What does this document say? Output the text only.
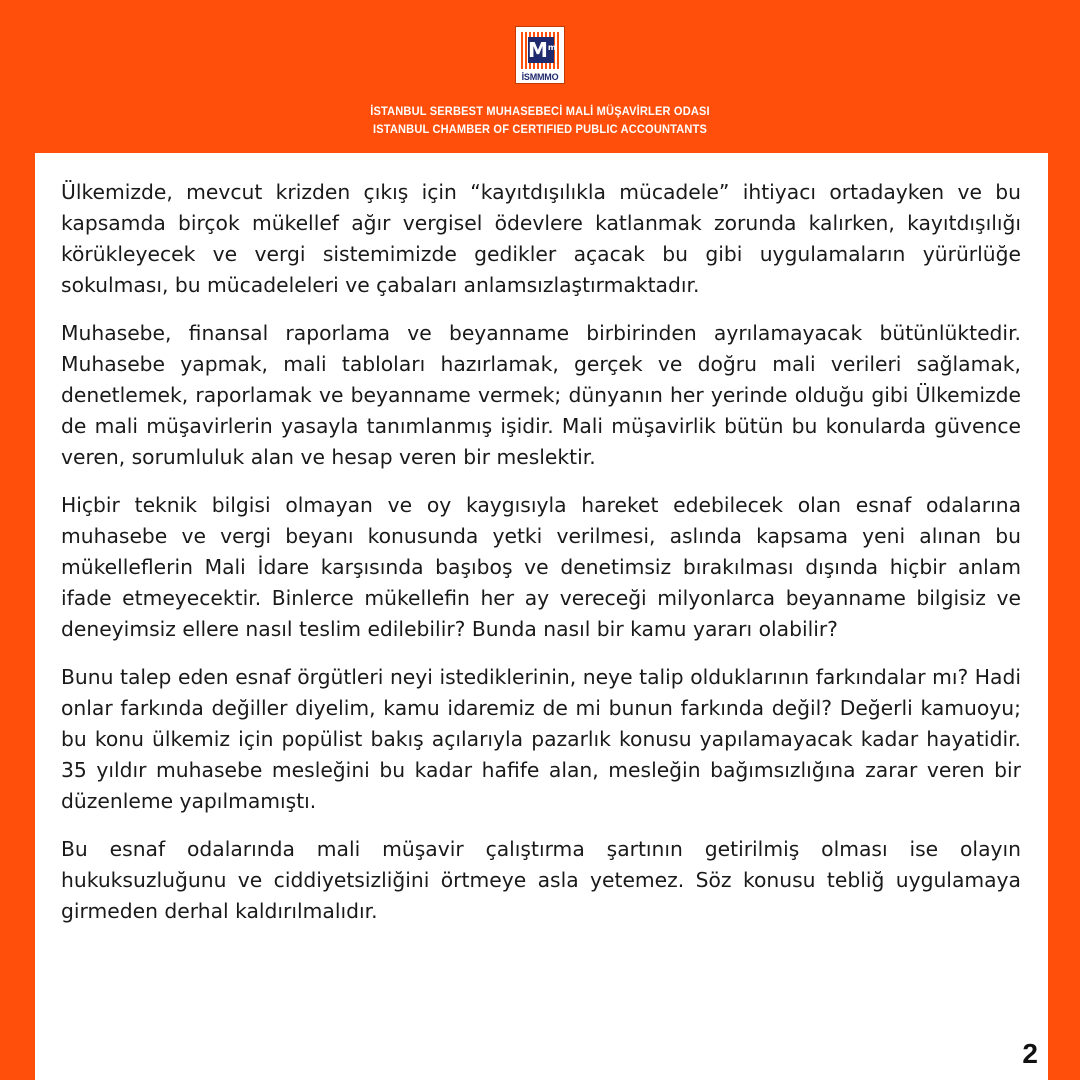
$M^m$
İSMMMO
İSTANBUL SERBEST MUHASEBECİ MALİ MÜŞAVİRLER ODASI
ISTANBUL CHAMBER OF CERTIFIED PUBLIC ACCOUNTANTS

Ülkemizde, mevcut krizden çıkış için “kayıtdışılıkla mücadele” ihtiyacı ortadayken ve bu kapsamda birçok mükellef ağır vergisel ödevlere katlanmak zorunda kalırken, kayıtdışılığı körükleyecek ve vergi sistemimizde gedikler açacak bu gibi uygulamaların yürürlüğe sokulması, bu mücadeleleri ve çabaları anlamsızlaştırmaktadır.

Muhasebe, finansal raporlama ve beyanname birbirinden ayrılamayacak bütünlüktedir. Muhasebe yapmak, mali tabloları hazırlamak, gerçek ve doğru mali verileri sağlamak, denetlemek, raporlamak ve beyanname vermek; dünyanın her yerinde olduğu gibi Ülkemizde de mali müşavirlerin yasayla tanımlanmış işidir. Mali müşavirlik bütün bu konularda güvence veren, sorumluluk alan ve hesap veren bir meslektir.

Hiçbir teknik bilgisi olmayan ve oy kaygısıyla hareket edebilecek olan esnaf odalarına muhasebe ve vergi beyanı konusunda yetki verilmesi, aslında kapsama yeni alınan bu mükelleflerin Mali İdare karşısında başıboş ve denetimsiz bırakılması dışında hiçbir anlam ifade etmeyecektir. Binlerce mükellefin her ay vereceği milyonlarca beyanname bilgisiz ve deneyimsiz ellere nasıl teslim edilebilir? Bunda nasıl bir kamu yararı olabilir?

Bunu talep eden esnaf örgütleri neyi istediklerinin, neye talip olduklarının farkındalar mı? Hadi onlar farkında değiller diyelim, kamu idaremiz de mi bunun farkında değil? Değerli kamuoyu; bu konu ülkemiz için popülist bakış açılarıyla pazarlık konusu yapılamayacak kadar hayatidir. 35 yıldır muhasebe mesleğini bu kadar hafife alan, mesleğin bağımsızlığına zarar veren bir düzenleme yapılmamıştı.

Bu esnaf odalarında mali müşavir çalıştırma şartının getirilmiş olması ise olayın hukuksuzluğunu ve ciddiyetsizliğini örtmeye asla yetemez. Söz konusu tebliğ uygulamaya girmeden derhal kaldırılmalıdır.

2
